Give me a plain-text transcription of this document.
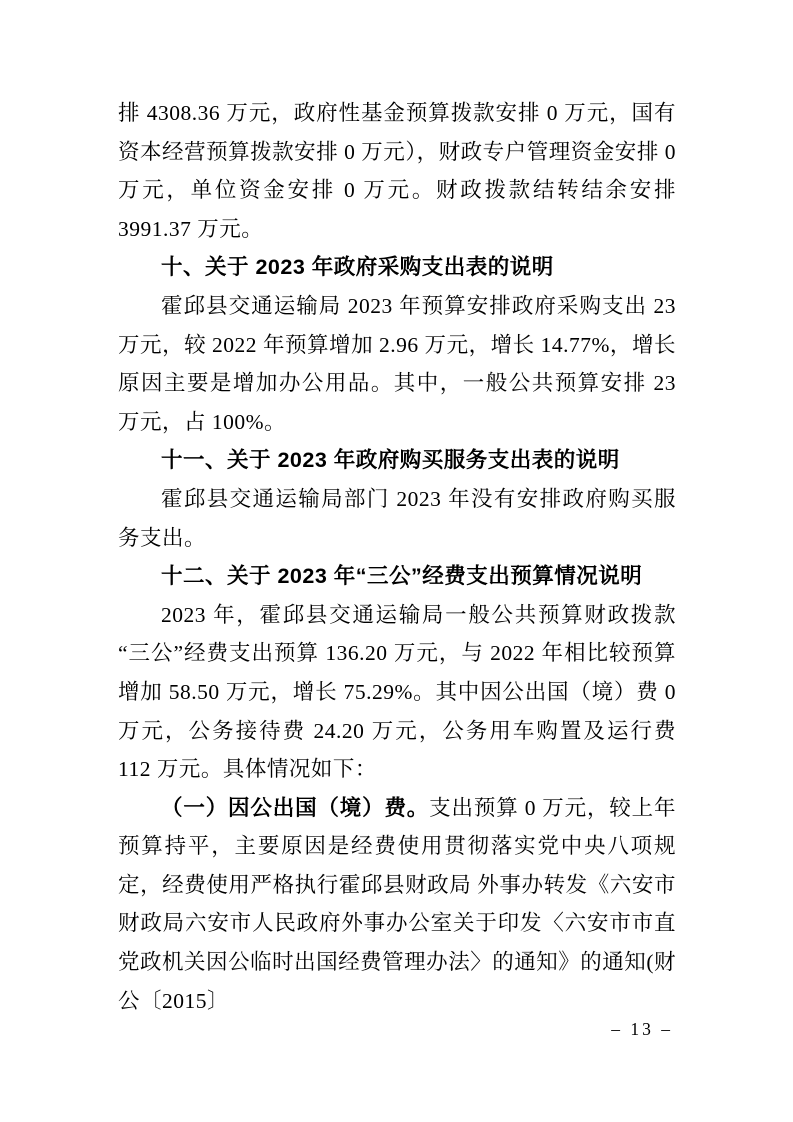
排 4308.36 万元，政府性基金预算拨款安排 0 万元，国有资本经营预算拨款安排 0 万元），财政专户管理资金安排 0 万元，单位资金安排 0 万元。财政拨款结转结余安排 3991.37 万元。

十、关于 2023 年政府采购支出表的说明

霍邱县交通运输局 2023 年预算安排政府采购支出 23 万元，较 2022 年预算增加 2.96 万元，增长 14.77%，增长原因主要是增加办公用品。其中，一般公共预算安排 23 万元，占 100%。

十一、关于 2023 年政府购买服务支出表的说明

霍邱县交通运输局部门 2023 年没有安排政府购买服务支出。

十二、关于 2023 年“三公”经费支出预算情况说明

2023 年，霍邱县交通运输局一般公共预算财政拨款“三公”经费支出预算 136.20 万元，与 2022 年相比较预算增加 58.50 万元，增长 75.29%。其中因公出国（境）费 0 万元，公务接待费 24.20 万元，公务用车购置及运行费 112 万元。具体情况如下：

（一）因公出国（境）费。支出预算 0 万元，较上年预算持平，主要原因是经费使用贯彻落实党中央八项规定，经费使用严格执行霍邱县财政局 外事办转发《六安市财政局六安市人民政府外事办公室关于印发〈六安市市直党政机关因公临时出国经费管理办法〉的通知》的通知(财公〔2015〕

– 13 –
